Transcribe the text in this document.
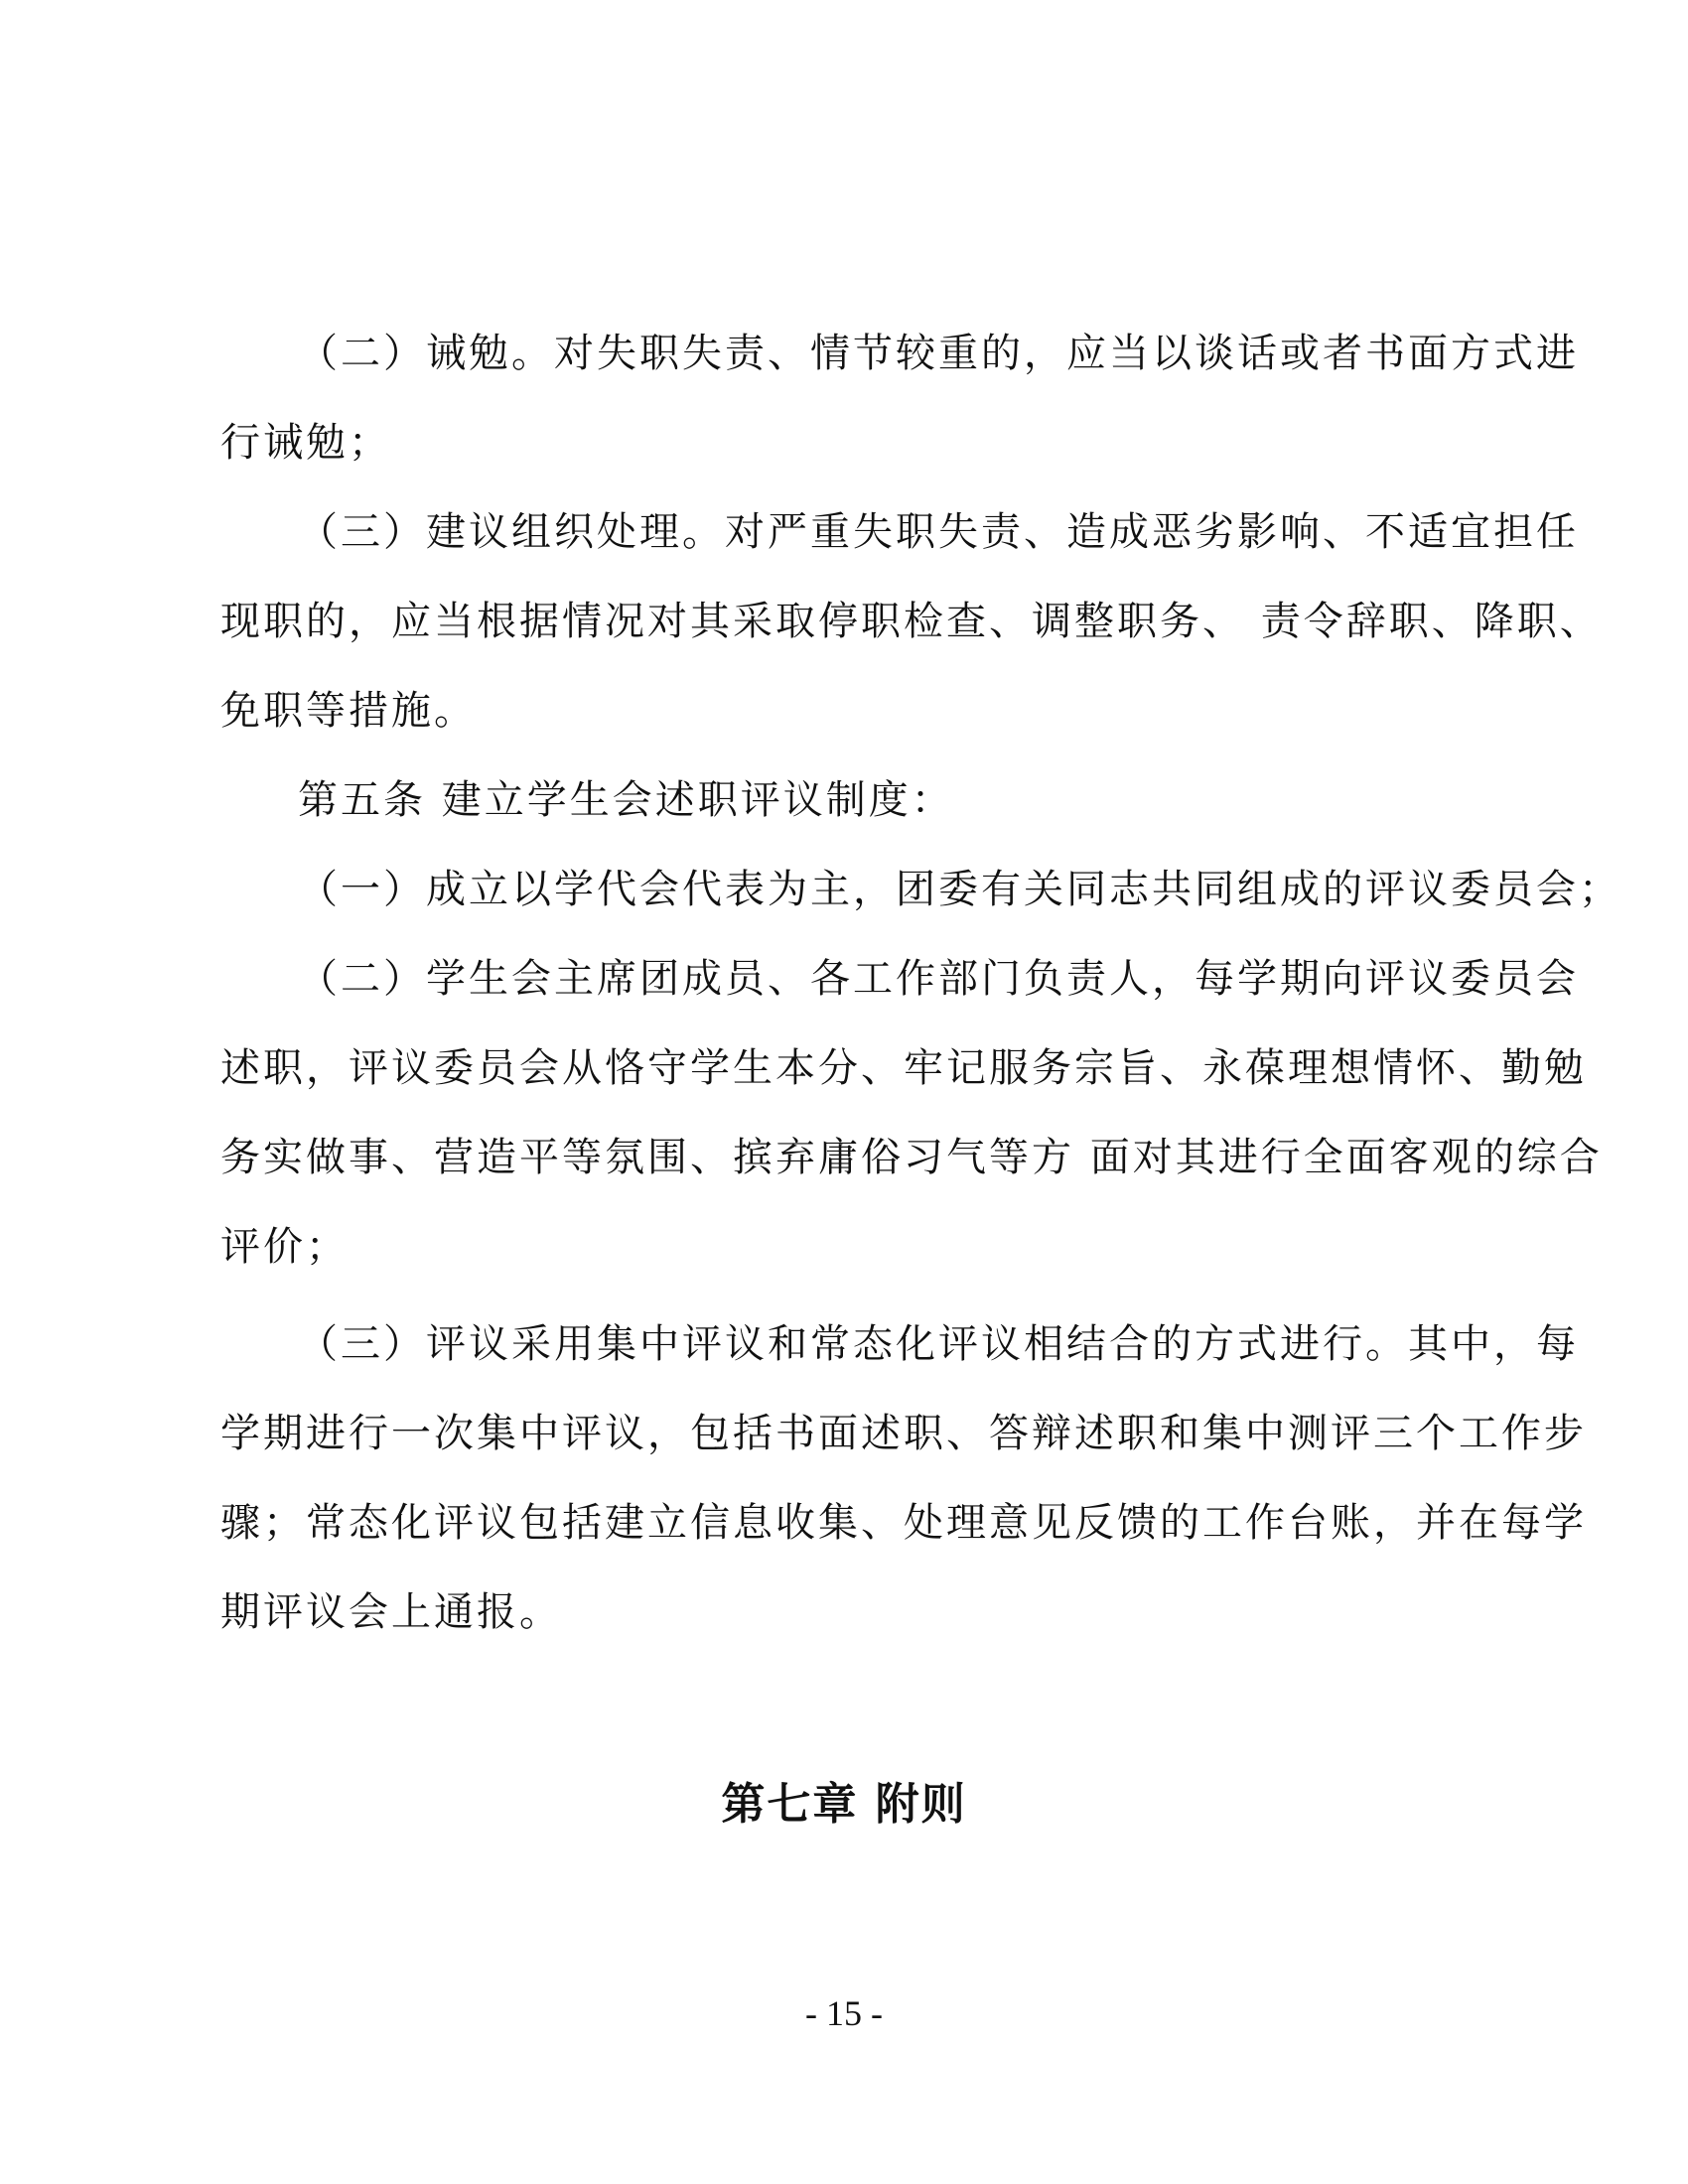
（二）诫勉。对失职失责、情节较重的，应当以谈话或者书面方式进
行诫勉；
（三）建议组织处理。对严重失职失责、造成恶劣影响、不适宜担任
现职的，应当根据情况对其采取停职检查、调整职务、 责令辞职、降职、
免职等措施。
第五条 建立学生会述职评议制度：
（一）成立以学代会代表为主，团委有关同志共同组成的评议委员会；
（二）学生会主席团成员、各工作部门负责人，每学期向评议委员会
述职，评议委员会从恪守学生本分、牢记服务宗旨、永葆理想情怀、勤勉
务实做事、营造平等氛围、摈弃庸俗习气等方 面对其进行全面客观的综合
评价；
（三）评议采用集中评议和常态化评议相结合的方式进行。其中，每
学期进行一次集中评议，包括书面述职、答辩述职和集中测评三个工作步
骤；常态化评议包括建立信息收集、处理意见反馈的工作台账，并在每学
期评议会上通报。
第七章 附则
- 15 -
